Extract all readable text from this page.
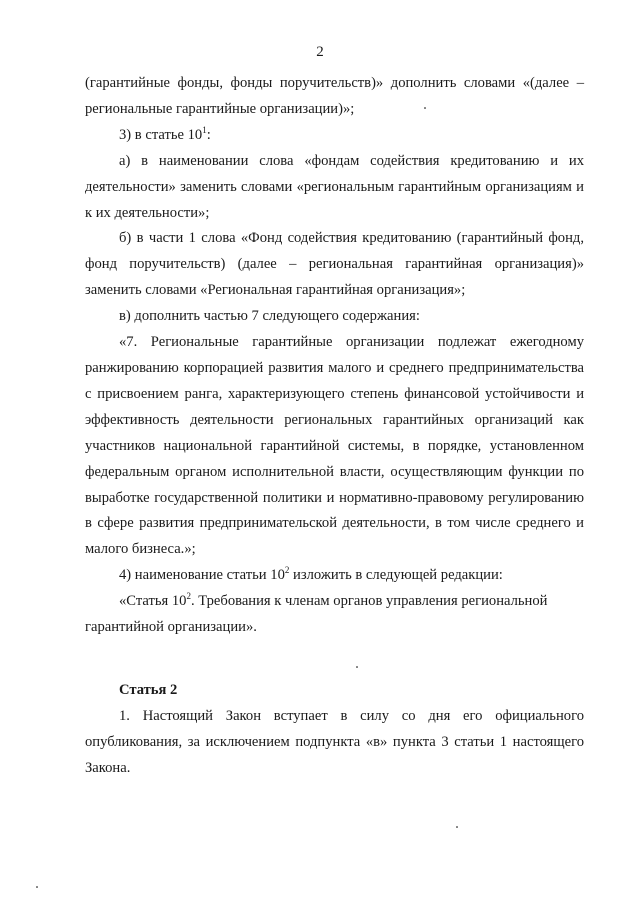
2

(гарантийные фонды, фонды поручительств)» дополнить словами «(далее – региональные гарантийные организации)»;

3) в статье $10^1$:

а) в наименовании слова «фондам содействия кредитованию и их деятельности» заменить словами «региональным гарантийным организациям и к их деятельности»;

б) в части 1 слова «Фонд содействия кредитованию (гарантийный фонд, фонд поручительств) (далее – региональная гарантийная организация)» заменить словами «Региональная гарантийная организация»;

в) дополнить частью 7 следующего содержания:

«7. Региональные гарантийные организации подлежат ежегодному ранжированию корпорацией развития малого и среднего предпринимательства с присвоением ранга, характеризующего степень финансовой устойчивости и эффективность деятельности региональных гарантийных организаций как участников национальной гарантийной системы, в порядке, установленном федеральным органом исполнительной власти, осуществляющим функции по выработке государственной политики и нормативно-правовому регулированию в сфере развития предпринимательской деятельности, в том числе среднего и малого бизнеса.»;

4) наименование статьи $10^2$ изложить в следующей редакции:

«Статья $10^2$. Требования к членам органов управления региональной

гарантийной организации».

Статья 2

1. Настоящий Закон вступает в силу со дня его официального опубликования, за исключением подпункта «в» пункта 3 статьи 1 настоящего Закона.
